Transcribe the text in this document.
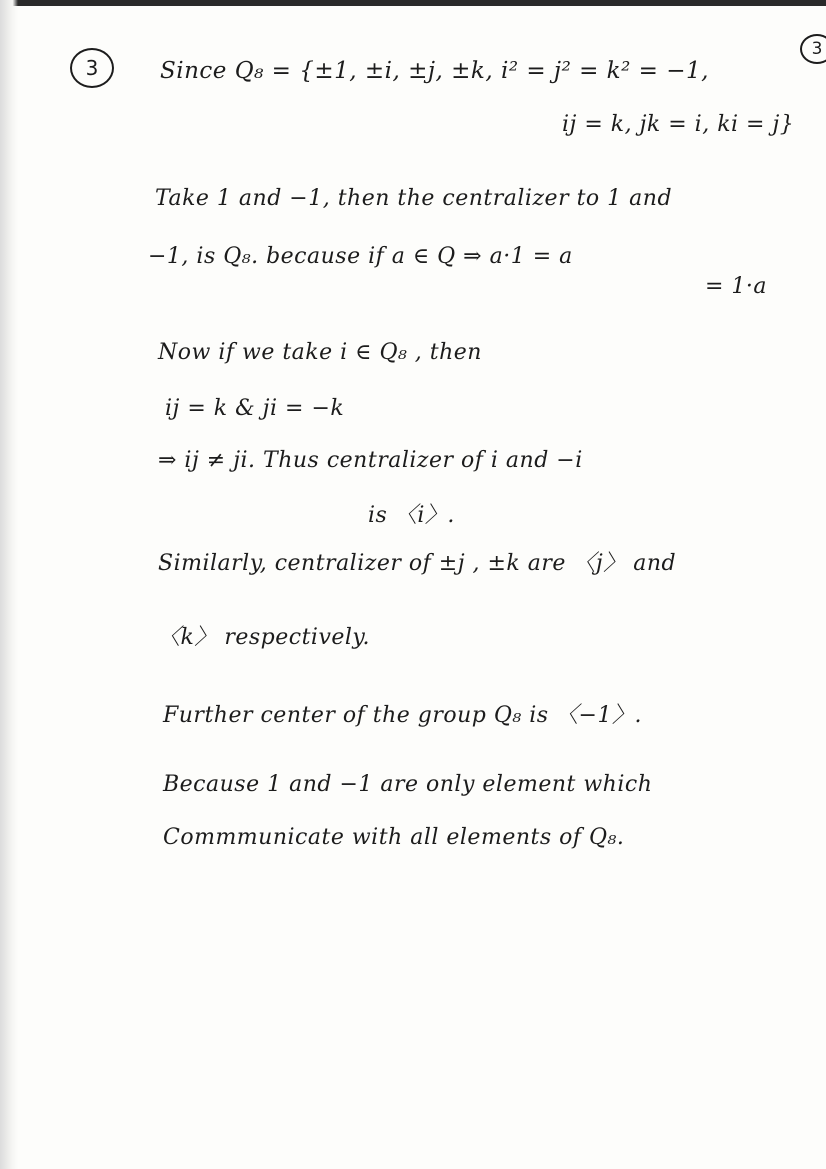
3
3
Since Q₈ = {±1, ±i, ±j, ±k, i² = j² = k² = −1,
ij = k, jk = i, ki = j}
Take 1 and −1, then the centralizer to 1 and
−1, is Q₈. because if a ∈ Q ⇒ a·1 = a
= 1·a
Now if we take i ∈ Q₈ , then
ij = k & ji = −k
⇒ ij ≠ ji. Thus centralizer of i and −i
is 〈i〉.
Similarly, centralizer of ±j , ±k are 〈j〉 and
〈k〉 respectively.
Further center of the group Q₈ is 〈−1〉.
Because 1 and −1 are only element which
Commmunicate with all elements of Q₈.
